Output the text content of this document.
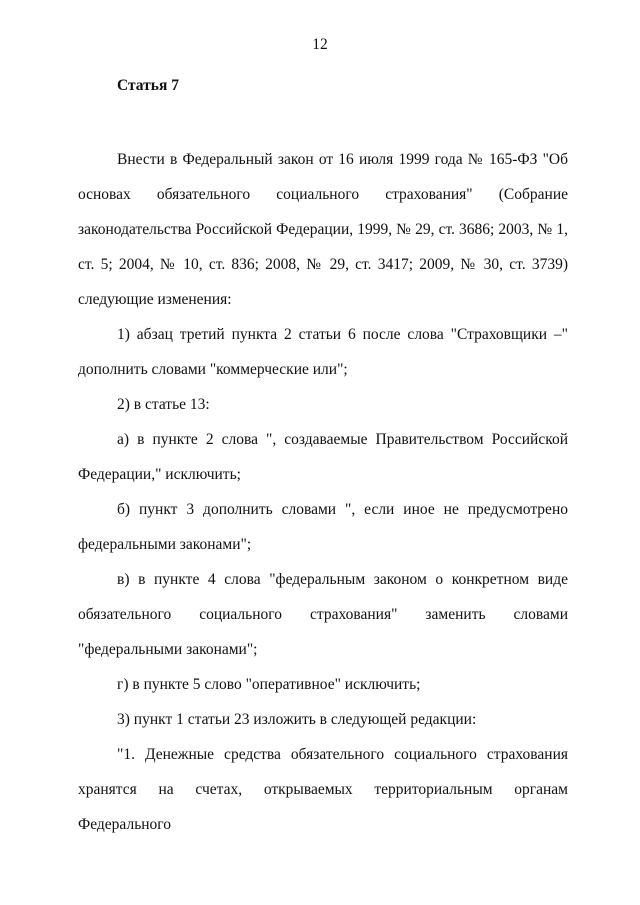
12
Статья 7

Внести в Федеральный закон от 16 июля 1999 года № 165-ФЗ "Об основах обязательного социального страхования" (Собрание законодательства Российской Федерации, 1999, № 29, ст. 3686; 2003, № 1, ст. 5; 2004, № 10, ст. 836; 2008, № 29, ст. 3417; 2009, № 30, ст. 3739) следующие изменения:

1) абзац третий пункта 2 статьи 6 после слова "Страховщики –" дополнить словами "коммерческие или";

2) в статье 13:

а) в пункте 2 слова ", создаваемые Правительством Российской Федерации," исключить;

б) пункт 3 дополнить словами ", если иное не предусмотрено федеральными законами";

в) в пункте 4 слова "федеральным законом о конкретном виде обязательного социального страхования" заменить словами "федеральными законами";

г) в пункте 5 слово "оперативное" исключить;

3) пункт 1 статьи 23 изложить в следующей редакции:

"1. Денежные средства обязательного социального страхования хранятся на счетах, открываемых территориальным органам Федерального
